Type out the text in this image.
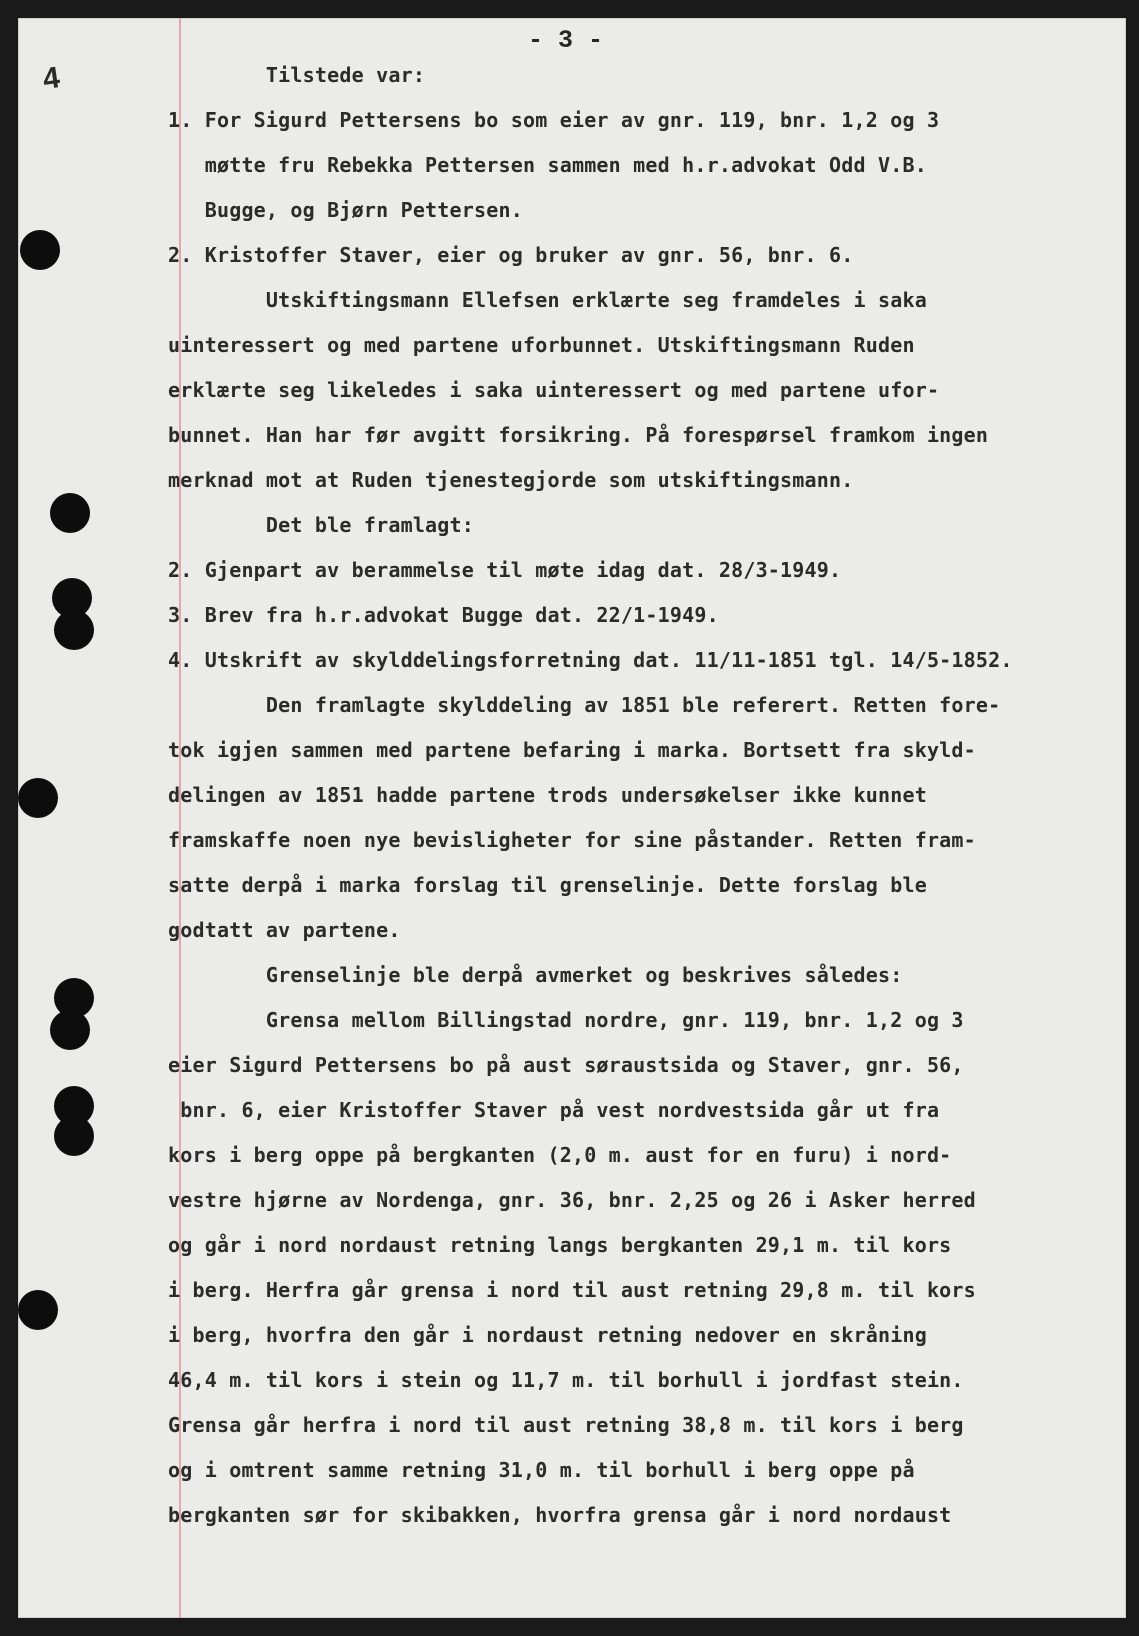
- 3 -
4	Tilstede var:
1. For Sigurd Pettersens bo som eier av gnr. 119, bnr. 1,2 og 3
møtte fru Rebekka Pettersen sammen med h.r.advokat Odd V.B.
Bugge, og Bjørn Pettersen.
2. Kristoffer Staver, eier og bruker av gnr. 56, bnr. 6.
Utskiftingsmann Ellefsen erklærte seg framdeles i saka
uinteressert og med partene uforbunnet. Utskiftingsmann Ruden
erklærte seg likeledes i saka uinteressert og med partene ufor-
bunnet. Han har før avgitt forsikring. På forespørsel framkom ingen
merknad mot at Ruden tjenestegjorde som utskiftingsmann.
Det ble framlagt:
2. Gjenpart av berammelse til møte idag dat. 28/3-1949.
3. Brev fra h.r.advokat Bugge dat. 22/1-1949.
4. Utskrift av skylddelingsforretning dat. 11/11-1851 tgl. 14/5-1852.
Den framlagte skylddeling av 1851 ble referert. Retten fore-
tok igjen sammen med partene befaring i marka. Bortsett fra skyld-
delingen av 1851 hadde partene trods undersøkelser ikke kunnet
framskaffe noen nye bevisligheter for sine påstander. Retten fram-
satte derpå i marka forslag til grenselinje. Dette forslag ble
godtatt av partene.
Grenselinje ble derpå avmerket og beskrives således:
Grensa mellom Billingstad nordre, gnr. 119, bnr. 1,2 og 3
eier Sigurd Pettersens bo på aust søraustsida og Staver, gnr. 56,
bnr. 6, eier Kristoffer Staver på vest nordvestsida går ut fra
kors i berg oppe på bergkanten (2,0 m. aust for en furu) i nord-
vestre hjørne av Nordenga, gnr. 36, bnr. 2,25 og 26 i Asker herred
og går i nord nordaust retning langs bergkanten 29,1 m. til kors
i berg. Herfra går grensa i nord til aust retning 29,8 m. til kors
i berg, hvorfra den går i nordaust retning nedover en skråning
46,4 m. til kors i stein og 11,7 m. til borhull i jordfast stein.
Grensa går herfra i nord til aust retning 38,8 m. til kors i berg
og i omtrent samme retning 31,0 m. til borhull i berg oppe på
bergkanten sør for skibakken, hvorfra grensa går i nord nordaust
